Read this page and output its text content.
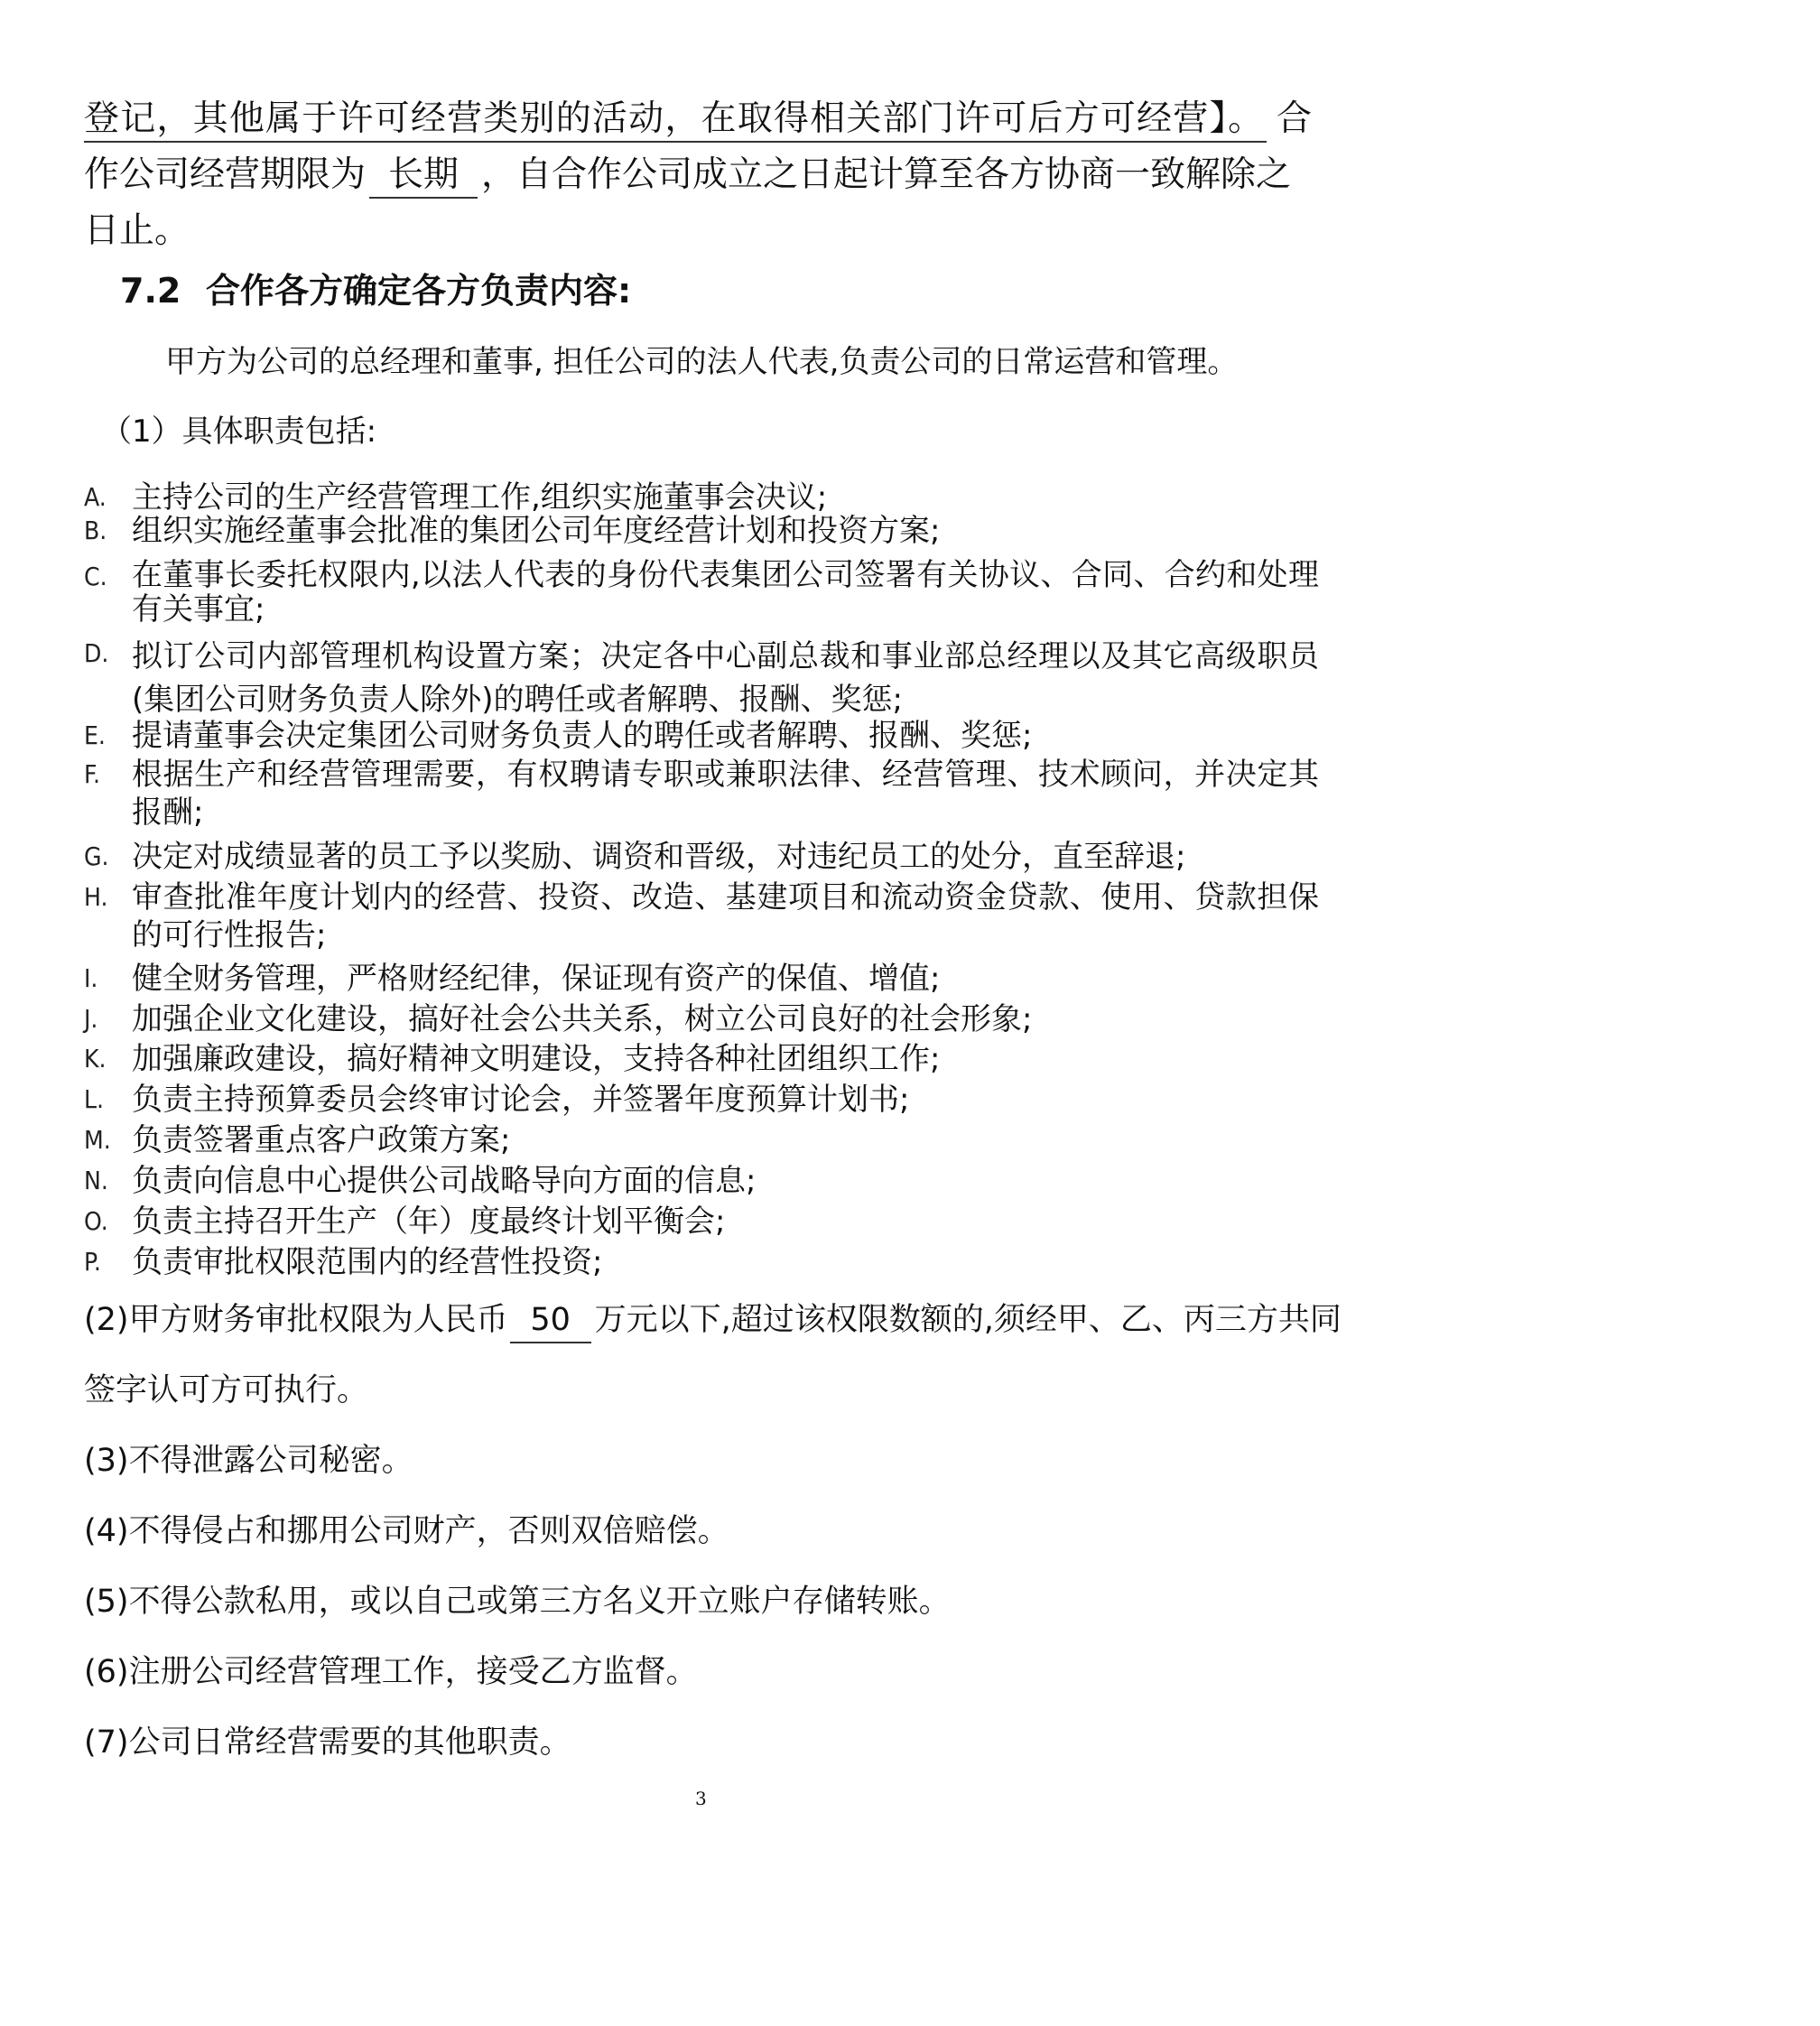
登记，其他属于许可经营类别的活动，在取得相关部门许可后方可经营】。 合
作公司经营期限为 长期 ，自合作公司成立之日起计算至各方协商一致解除之
日止。
7.2 合作各方确定各方负责内容:
甲方为公司的总经理和董事, 担任公司的法人代表,负责公司的日常运营和管理。
（1）具体职责包括:
A. 主持公司的生产经营管理工作,组织实施董事会决议;
B. 组织实施经董事会批准的集团公司年度经营计划和投资方案;
C. 在董事长委托权限内,以法人代表的身份代表集团公司签署有关协议、合同、合约和处理有关事宜;
D. 拟订公司内部管理机构设置方案；决定各中心副总裁和事业部总经理以及其它高级职员(集团公司财务负责人除外)的聘任或者解聘、报酬、奖惩;
E. 提请董事会决定集团公司财务负责人的聘任或者解聘、报酬、奖惩;
F. 根据生产和经营管理需要，有权聘请专职或兼职法律、经营管理、技术顾问，并决定其报酬;
G. 决定对成绩显著的员工予以奖励、调资和晋级，对违纪员工的处分，直至辞退;
H. 审查批准年度计划内的经营、投资、改造、基建项目和流动资金贷款、使用、贷款担保的可行性报告;
I. 健全财务管理，严格财经纪律，保证现有资产的保值、增值;
J. 加强企业文化建设，搞好社会公共关系，树立公司良好的社会形象;
K. 加强廉政建设，搞好精神文明建设，支持各种社团组织工作;
L. 负责主持预算委员会终审讨论会，并签署年度预算计划书;
M. 负责签署重点客户政策方案;
N. 负责向信息中心提供公司战略导向方面的信息;
O. 负责主持召开生产（年）度最终计划平衡会;
P. 负责审批权限范围内的经营性投资;
(2)甲方财务审批权限为人民币 50 万元以下,超过该权限数额的,须经甲、乙、丙三方共同
签字认可方可执行。
(3)不得泄露公司秘密。
(4)不得侵占和挪用公司财产，否则双倍赔偿。
(5)不得公款私用，或以自己或第三方名义开立账户存储转账。
(6)注册公司经营管理工作，接受乙方监督。
(7)公司日常经营需要的其他职责。
3
